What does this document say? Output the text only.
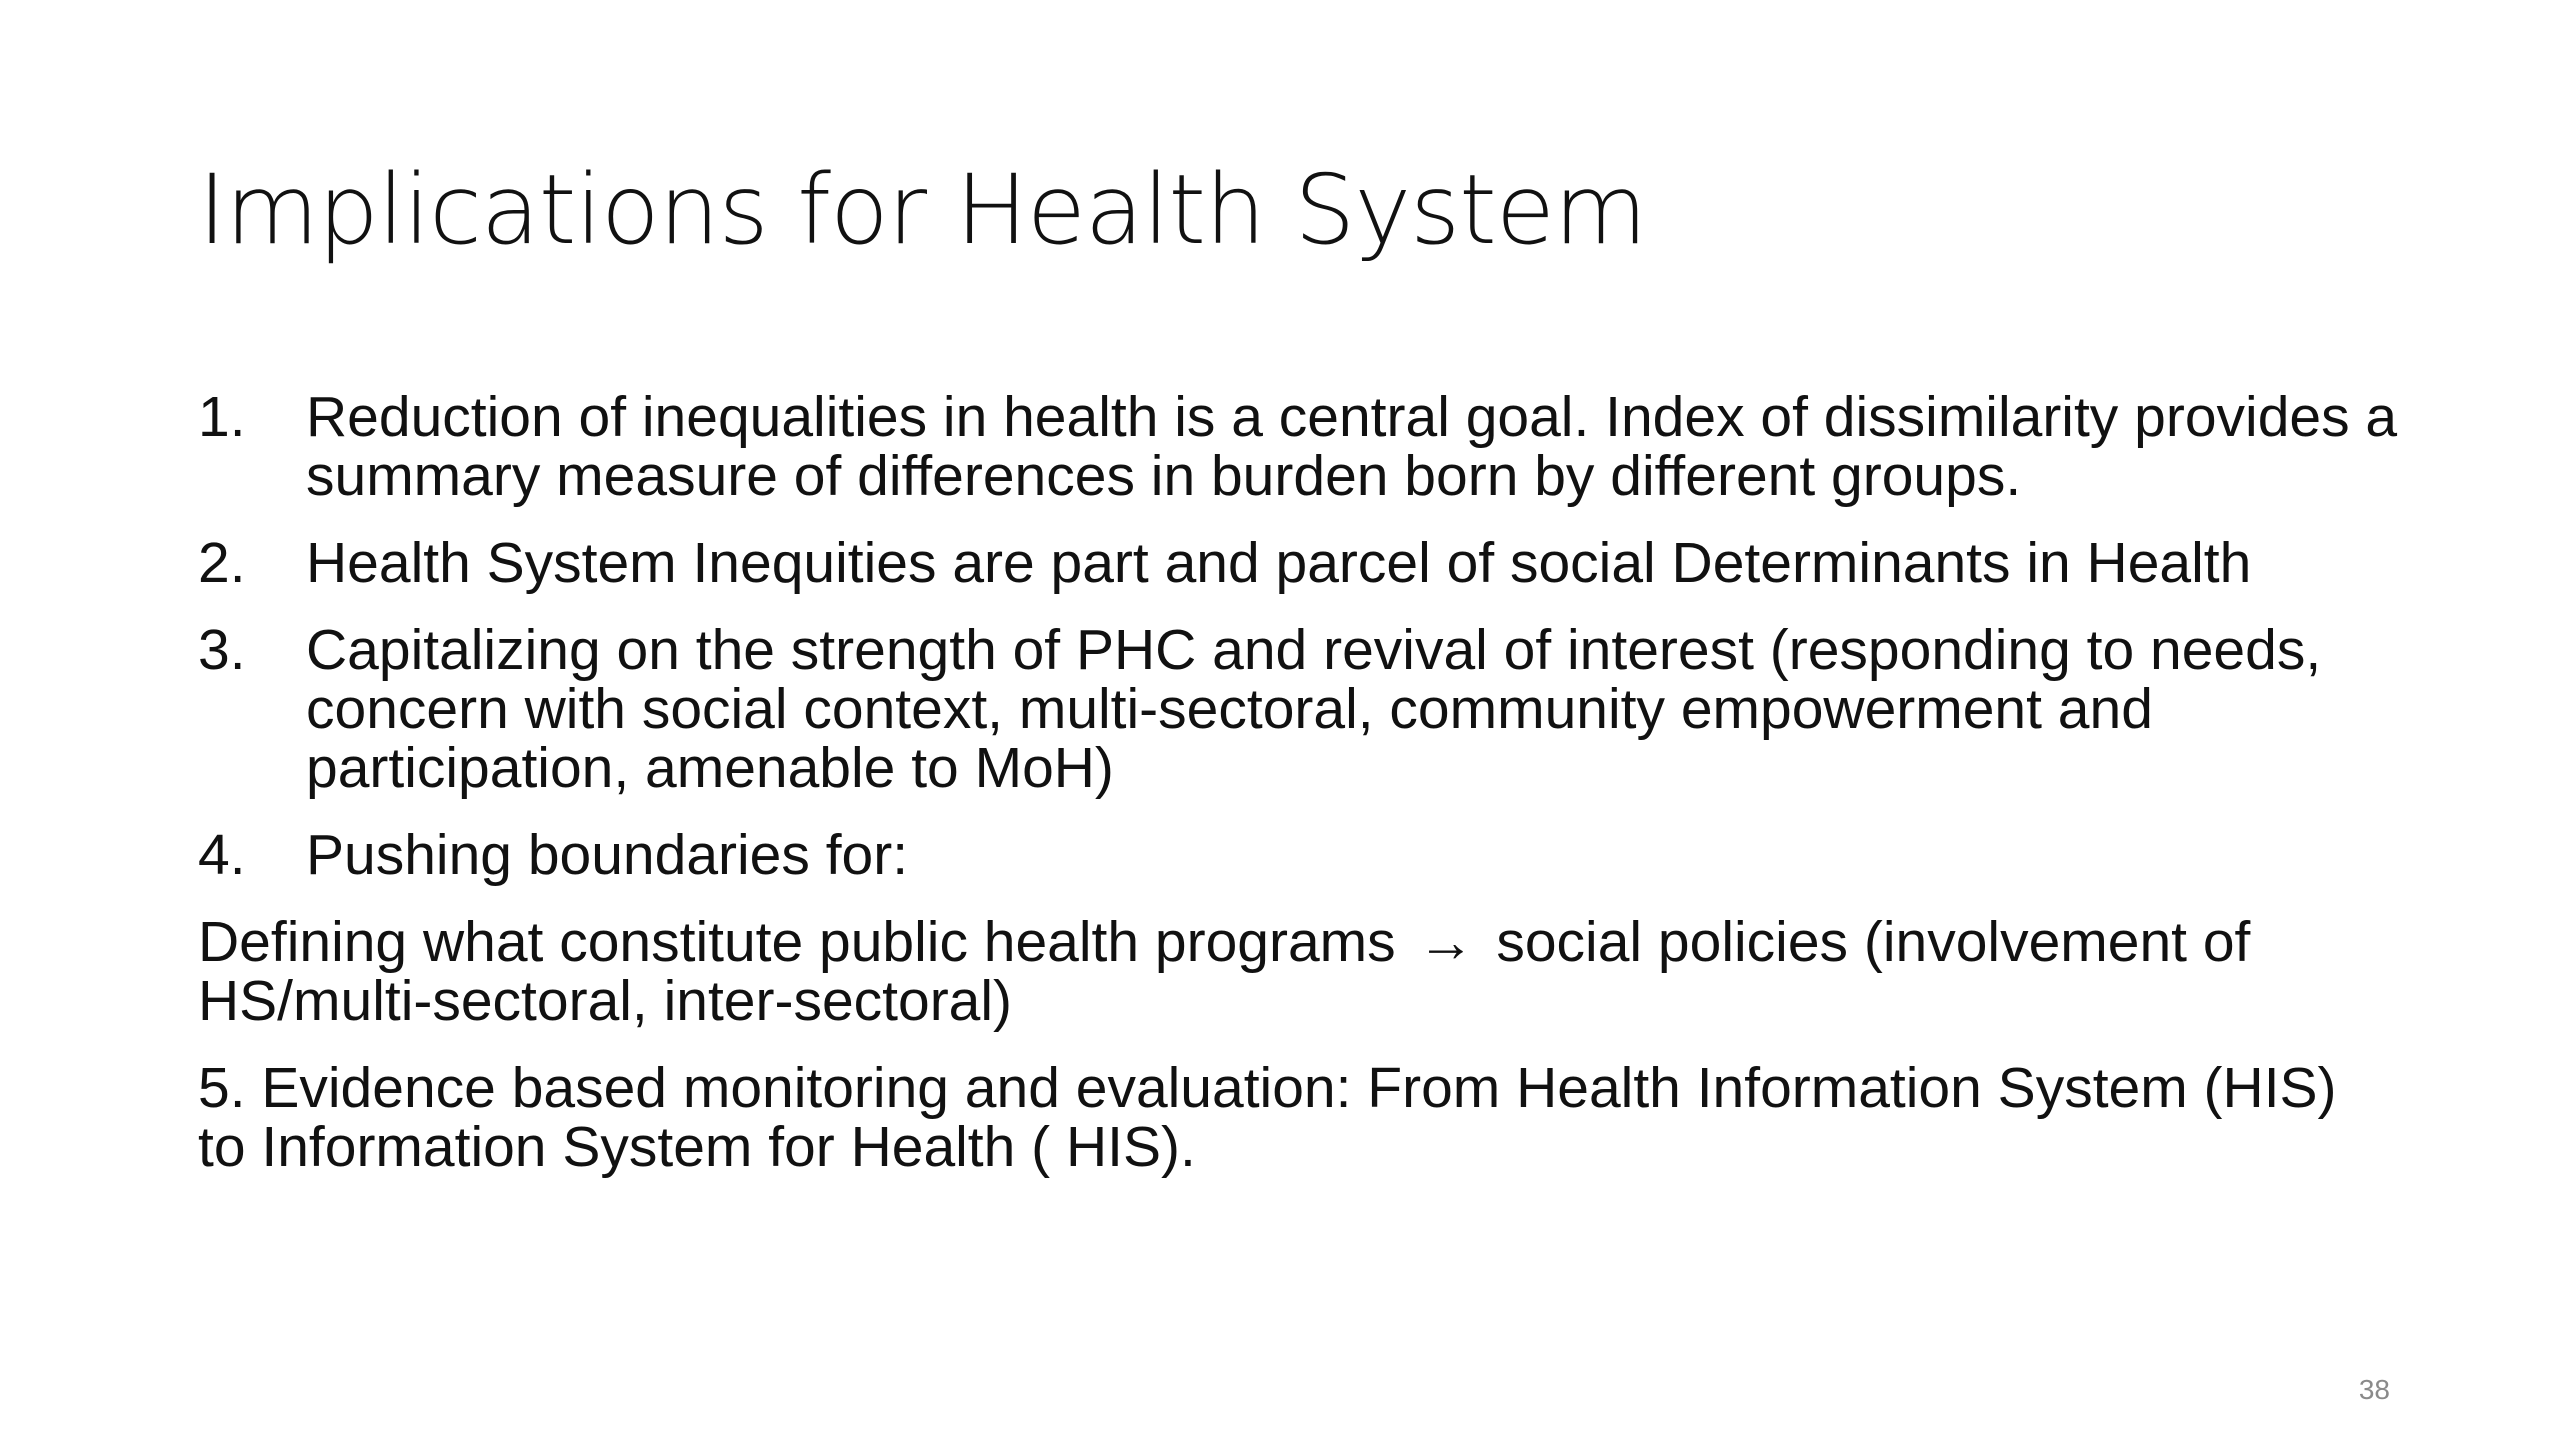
Implications for Health System
1.	Reduction of inequalities in health is a central goal. Index of dissimilarity provides a summary measure of differences in burden born by different groups.
2.	Health System Inequities are part and parcel of social Determinants in Health
3.	Capitalizing on the strength of PHC and revival of interest (responding to needs, concern with social context, multi-sectoral, community empowerment and participation, amenable to MoH)
4.	Pushing boundaries for:
Defining what constitute public health programs → social policies (involvement of HS/multi-sectoral, inter-sectoral)
5. Evidence based monitoring and evaluation: From Health Information System (HIS) to Information System for Health ( HIS).
38
